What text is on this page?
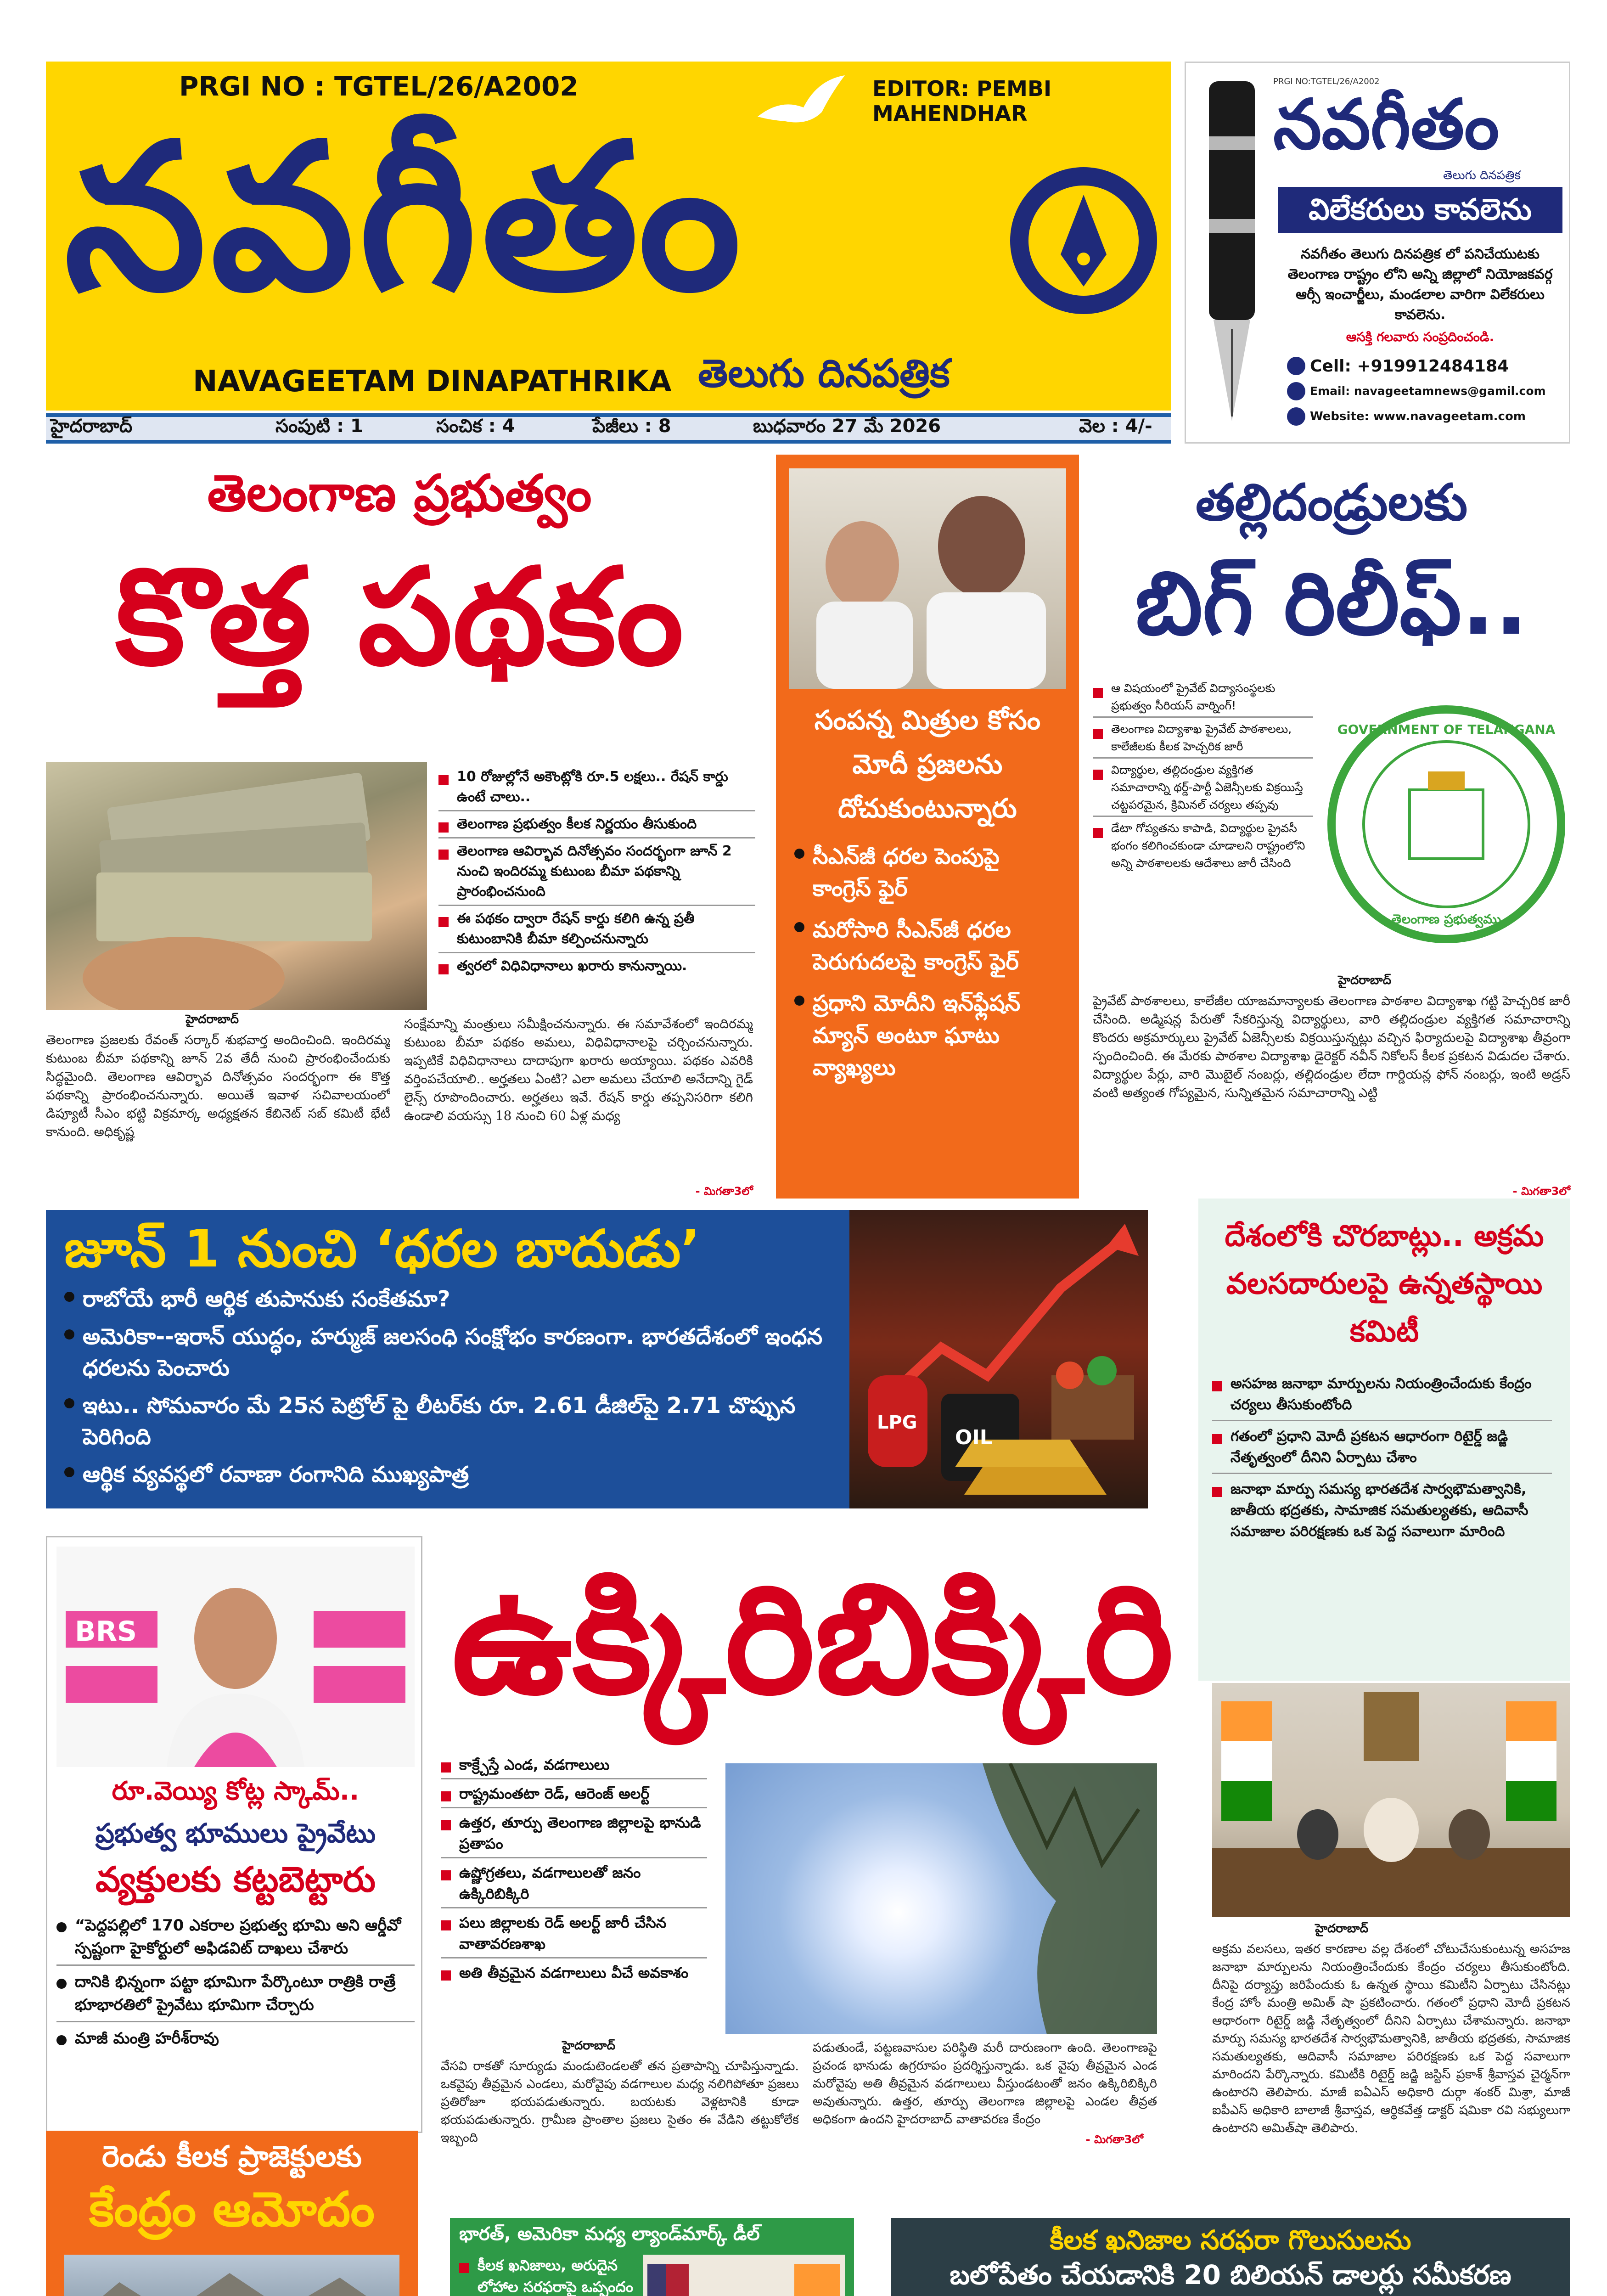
PRGI NO : TGTEL/26/A2002	EDITOR: PEMBI MAHENDHAR
నవగీతం
NAVAGEETAM DINAPATHRIKA తెలుగు దినపత్రిక
హైదరాబాద్	సంపుటి : 1	సంచిక : 4	పేజీలు : 8	బుధవారం 27 మే 2026	వెల : 4/-
PRGI NO:TGTEL/26/A2002
నవగీతం
తెలుగు దినపత్రిక
విలేకరులు కావలెను
నవగీతం తెలుగు దినపత్రిక లో పనిచేయుటకు తెలంగాణ రాష్ట్రం లోని అన్ని జిల్లాలో నియోజకవర్గ ఆర్సీ ఇంచార్జీలు, మండలాల వారిగా విలేకరులు కావలెను.
ఆసక్తి గలవారు సంప్రదించండి.
Cell: +919912484184
Email: navageetamnews@gamil.com
Website: www.navageetam.com
తెలంగాణ ప్రభుత్వం
కొత్త పథకం
10 రోజుల్లోనే అకౌంట్లోకి రూ.5 లక్షలు.. రేషన్ కార్డు ఉంటే చాలు..
తెలంగాణ ప్రభుత్వం కీలక నిర్ణయం తీసుకుంది
తెలంగాణ ఆవిర్భావ దినోత్సవం సందర్భంగా జూన్ 2 నుంచి ఇందిరమ్మ కుటుంబ బీమా పథకాన్ని ప్రారంభించనుంది
ఈ పథకం ద్వారా రేషన్ కార్డు కలిగి ఉన్న ప్రతీ కుటుంబానికి బీమా కల్పించనున్నారు
త్వరలో విధివిధానాలు ఖరారు కానున్నాయి.
హైదరాబాద్
తెలంగాణ ప్రజలకు రేవంత్ సర్కార్ శుభవార్త అందించింది. ఇందిరమ్మ కుటుంబ బీమా పథకాన్ని జూన్ 2వ తేదీ నుంచి ప్రారంభించేందుకు సిద్ధమైంది. తెలంగాణ ఆవిర్భావ దినోత్సవం సందర్భంగా ఈ కొత్త పథకాన్ని ప్రారంభించనున్నారు. అయితే ఇవాళ సచివాలయంలో డిప్యూటీ సీఎం భట్టి విక్రమార్క అధ్యక్షతన కేబినెట్ సబ్ కమిటీ భేటీ కానుంది. అధికృష్ణ
సంక్షేమాన్ని మంత్రులు సమీక్షించనున్నారు. ఈ సమావేశంలో ఇందిరమ్మ కుటుంబ బీమా పథకం అమలు, విధివిధానాలపై చర్చించనున్నారు. ఇప్పటికే విధివిధానాలు దాదాపుగా ఖరారు అయ్యాయి. పథకం ఎవరికి వర్తింపచేయాలి.. అర్హతలు ఏంటి? ఎలా అమలు చేయాలి అనేదాన్ని గైడ్ లైన్స్ రూపొందించారు. అర్హతలు ఇవే. రేషన్ కార్డు తప్పనిసరిగా కలిగి ఉండాలి వయస్సు 18 నుంచి 60 ఏళ్ల మధ్య
- మిగతా3లో
సంపన్న మిత్రుల కోసం మోదీ ప్రజలను దోచుకుంటున్నారు
సీఎన్‌జీ ధరల పెంపుపై కాంగ్రెస్ ఫైర్
మరోసారి సీఎన్‌జీ ధరల పెరుగుదలపై కాంగ్రెస్ ఫైర్
ప్రధాని మోదీని ఇన్‌ఫ్లేషన్ మ్యాన్ అంటూ ఘాటు వ్యాఖ్యలు
తల్లిదండ్రులకు
బిగ్ రిలీఫ్..
ఆ విషయంలో ప్రైవేట్ విద్యాసంస్థలకు ప్రభుత్వం సీరియస్ వార్నింగ్!
తెలంగాణ విద్యాశాఖ ప్రైవేట్ పాఠశాలలు, కాలేజీలకు కీలక హెచ్చరిక జారీ
విద్యార్థుల, తల్లిదండ్రుల వ్యక్తిగత సమాచారాన్ని థర్డ్-పార్టీ ఏజెన్సీలకు విక్రయిస్తే చట్టపరమైన, క్రిమినల్ చర్యలు తప్పవు
డేటా గోప్యతను కాపాడి, విద్యార్థుల ప్రైవసీ భంగం కలిగించకుండా చూడాలని రాష్ట్రంలోని అన్ని పాఠశాలలకు ఆదేశాలు జారీ చేసింది
GOVERNMENT OF TELANGANA
తెలంగాణ ప్రభుత్వము
హైదరాబాద్
ప్రైవేట్ పాఠశాలలు, కాలేజీల యాజమాన్యాలకు తెలంగాణ పాఠశాల విద్యాశాఖ గట్టి హెచ్చరిక జారీ చేసింది. అడ్మిషన్ల పేరుతో సేకరిస్తున్న విద్యార్థులు, వారి తల్లిదండ్రుల వ్యక్తిగత సమాచారాన్ని కొందరు అక్రమార్కులు ప్రైవేట్ ఏజెన్సీలకు విక్రయిస్తున్నట్లు వచ్చిన ఫిర్యాదులపై విద్యాశాఖ తీవ్రంగా స్పందించింది. ఈ మేరకు పాఠశాల విద్యాశాఖ డైరెక్టర్ నవీన్ నికోలస్ కీలక ప్రకటన విడుదల చేశారు. విద్యార్థుల పేర్లు, వారి మొబైల్ నంబర్లు, తల్లిదండ్రుల లేదా గార్డియన్ల ఫోన్ నంబర్లు, ఇంటి అడ్రస్ వంటి అత్యంత గోప్యమైన, సున్నితమైన సమాచారాన్ని ఎట్టి
- మిగతా3లో
జూన్ 1 నుంచి ‘ధరల బాదుడు’
రాబోయే భారీ ఆర్థిక తుపానుకు సంకేతమా?
అమెరికా--ఇరాన్ యుద్ధం, హర్ముజ్ జలసంధి సంక్షోభం కారణంగా. భారతదేశంలో ఇంధన ధరలను పెంచారు
ఇటు.. సోమవారం మే 25న పెట్రోల్ పై లీటర్‌కు రూ. 2.61 డీజిల్‌పై 2.71 చొప్పున పెరిగింది
ఆర్థిక వ్యవస్థలో రవాణా రంగానిది ముఖ్యపాత్ర
LPG
OIL
దేశంలోకి చొరబాట్లు.. అక్రమ వలసదారులపై ఉన్నతస్థాయి కమిటీ
అసహజ జనాభా మార్పులను నియంత్రించేందుకు కేంద్రం చర్యలు తీసుకుంటోంది
గతంలో ప్రధాని మోదీ ప్రకటన ఆధారంగా రిటైర్డ్ జడ్జి నేతృత్వంలో దీనిని ఏర్పాటు చేశాం
జనాభా మార్పు సమస్య భారతదేశ సార్వభౌమత్వానికి, జాతీయ భద్రతకు, సామాజిక సమతుల్యతకు, ఆదివాసీ సమాజాల పరిరక్షణకు ఒక పెద్ద సవాలుగా మారింది
హైదరాబాద్
అక్రమ వలసలు, ఇతర కారణాల వల్ల దేశంలో చోటుచేసుకుంటున్న అసహజ జనాభా మార్పులను నియంత్రించేందుకు కేంద్రం చర్యలు తీసుకుంటోంది. దీనిపై దర్యాప్తు జరిపేందుకు ఓ ఉన్నత స్థాయి కమిటీని ఏర్పాటు చేసినట్లు కేంద్ర హోం మంత్రి అమిత్ షా ప్రకటించారు. గతంలో ప్రధాని మోదీ ప్రకటన ఆధారంగా రిటైర్డ్ జడ్జి నేతృత్వంలో దీనిని ఏర్పాటు చేశామన్నారు. జనాభా మార్పు సమస్య భారతదేశ సార్వభౌమత్వానికి, జాతీయ భద్రతకు, సామాజిక సమతుల్యతకు, ఆదివాసీ సమాజాల పరిరక్షణకు ఒక పెద్ద సవాలుగా మారిందని పేర్కొన్నారు. కమిటీకి రిటైర్డ్ జడ్జి జస్టిస్ ప్రకాశ్ శ్రీవాస్తవ చైర్మన్‌గా ఉంటారని తెలిపారు. మాజీ ఐఏఎస్ అధికారి దుర్గా శంకర్ మిశ్రా, మాజీ ఐపీఎస్ అధికారి బాలాజీ శ్రీవాస్తవ, ఆర్థికవేత్త డాక్టర్ షమికా రవి సభ్యులుగా ఉంటారని అమిత్‌షా తెలిపారు.
BRS
రూ.వెయ్యి కోట్ల స్కామ్..
ప్రభుత్వ భూములు ప్రైవేటు
వ్యక్తులకు కట్టబెట్టారు
“పెద్దపల్లిలో 170 ఎకరాల ప్రభుత్వ భూమి అని ఆర్డీవో స్పష్టంగా హైకోర్టులో అఫిడవిట్ దాఖలు చేశారు
దానికి భిన్నంగా పట్టా భూమిగా పేర్కొంటూ రాత్రికి రాత్రే భూభారతిలో ప్రైవేటు భూమిగా చేర్చారు
మాజీ మంత్రి హరీశ్‌రావు
ఉక్కిరిబిక్కిరి
కాక్ర్చేస్తే ఎండ, వడగాలులు
రాష్ట్రమంతటా రెడ్, ఆరెంజ్ అలర్ట్
ఉత్తర, తూర్పు తెలంగాణ జిల్లాలపై భానుడి ప్రతాపం
ఉష్ణోగ్రతలు, వడగాలులతో జనం ఉక్కిరిబిక్కిరి
పలు జిల్లాలకు రెడ్ అలర్ట్ జారీ చేసిన వాతావరణశాఖ
అతి తీవ్రమైన వడగాలులు వీచే అవకాశం
హైదరాబాద్
వేసవి రాకతో సూర్యుడు మండుటెండలతో తన ప్రతాపాన్ని చూపిస్తున్నాడు. ఒకవైపు తీవ్రమైన ఎండలు, మరోవైపు వడగాలుల మధ్య నలిగిపోతూ ప్రజలు ప్రతిరోజూ భయపడుతున్నారు. బయటకు వెళ్లటానికి కూడా భయపడుతున్నారు. గ్రామీణ ప్రాంతాల ప్రజలు సైతం ఈ వేడిని తట్టుకోలేక ఇబ్బంది
పడుతుండే, పట్టణవాసుల పరిస్థితి మరీ దారుణంగా ఉంది. తెలంగాణపై ప్రచండ భానుడు ఉగ్రరూపం ప్రదర్శిస్తున్నాడు. ఒక వైపు తీవ్రమైన ఎండ మరోవైపు అతి తీవ్రమైన వడగాలులు వీస్తుండటంతో జనం ఉక్కిరిబిక్కిరి అవుతున్నారు. ఉత్తర, తూర్పు తెలంగాణ జిల్లాలపై ఎండల తీవ్రత అధికంగా ఉందని హైదరాబాద్ వాతావరణ కేంద్రం
- మిగతా3లో
రెండు కీలక ప్రాజెక్టులకు
కేంద్రం ఆమోదం	భారత్, అమెరికా మధ్య ల్యాండ్‌మార్క్ డీల్
కీలక ఖనిజాలు, అరుదైన లోహాల సరఫరాపై ఒప్పందం
కీలక ఖనిజాల సరఫరా గొలుసులను
బలోపేతం చేయడానికి 20 బిలియన్ డాలర్లు సమీకరణ
